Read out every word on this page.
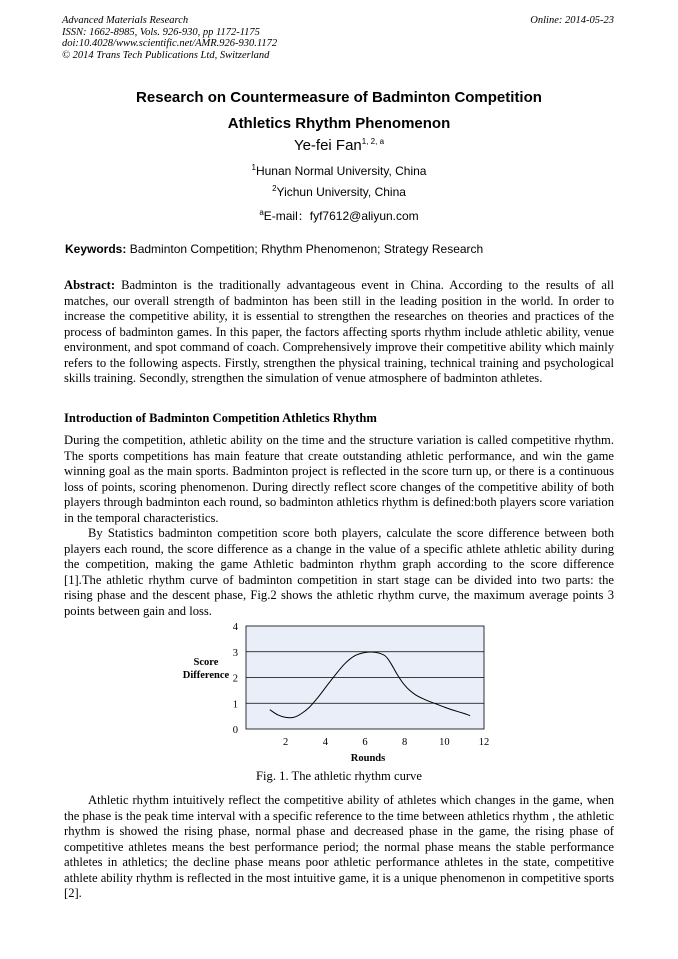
Advanced Materials Research
ISSN: 1662-8985, Vols. 926-930, pp 1172-1175
doi:10.4028/www.scientific.net/AMR.926-930.1172
© 2014 Trans Tech Publications Ltd, Switzerland
Online: 2014-05-23
Research on Countermeasure of Badminton Competition
Athletics Rhythm Phenomenon
Ye-fei Fan$^{1, 2, a}$
$^1$Hunan Normal University, China
$^2$Yichun University, China
$^a$E-mail：fyf7612@aliyun.com
Keywords: Badminton Competition; Rhythm Phenomenon; Strategy Research
Abstract: Badminton is the traditionally advantageous event in China. According to the results of all matches, our overall strength of badminton has been still in the leading position in the world. In order to increase the competitive ability, it is essential to strengthen the researches on theories and practices of the process of badminton games. In this paper, the factors affecting sports rhythm include athletic ability, venue environment, and spot command of coach. Comprehensively improve their competitive ability which mainly refers to the following aspects. Firstly, strengthen the physical training, technical training and psychological skills training. Secondly, strengthen the simulation of venue atmosphere of badminton athletes.
Introduction of Badminton Competition Athletics Rhythm
During the competition, athletic ability on the time and the structure variation is called competitive rhythm. The sports competitions has main feature that create outstanding athletic performance, and win the game winning goal as the main sports. Badminton project is reflected in the score turn up, or there is a continuous loss of points, scoring phenomenon. During directly reflect score changes of the competitive ability of both players through badminton each round, so badminton athletics rhythm is defined:both players score variation in the temporal characteristics.
By Statistics badminton competition score both players, calculate the score difference between both players each round, the score difference as a change in the value of a specific athlete athletic ability during the competition, making the game Athletic badminton rhythm graph according to the score difference [1].The athletic rhythm curve of badminton competition in start stage can be divided into two parts: the rising phase and the descent phase, Fig.2 shows the athletic rhythm curve, the maximum average points 3 points between gain and loss.
0
1
2
3
4
2	4	6	8	10	12
Score
Difference
Rounds
Fig. 1. The athletic rhythm curve
Athletic rhythm intuitively reflect the competitive ability of athletes which changes in the game, when the phase is the peak time interval with a specific reference to the time between athletics rhythm , the athletic rhythm is showed the rising phase, normal phase and decreased phase in the game, the rising phase of competitive athletes means the best performance period; the normal phase means the stable performance athletes in athletics; the decline phase means poor athletic performance athletes in the state, competitive athlete ability rhythm is reflected in the most intuitive game, it is a unique phenomenon in competitive sports [2].
